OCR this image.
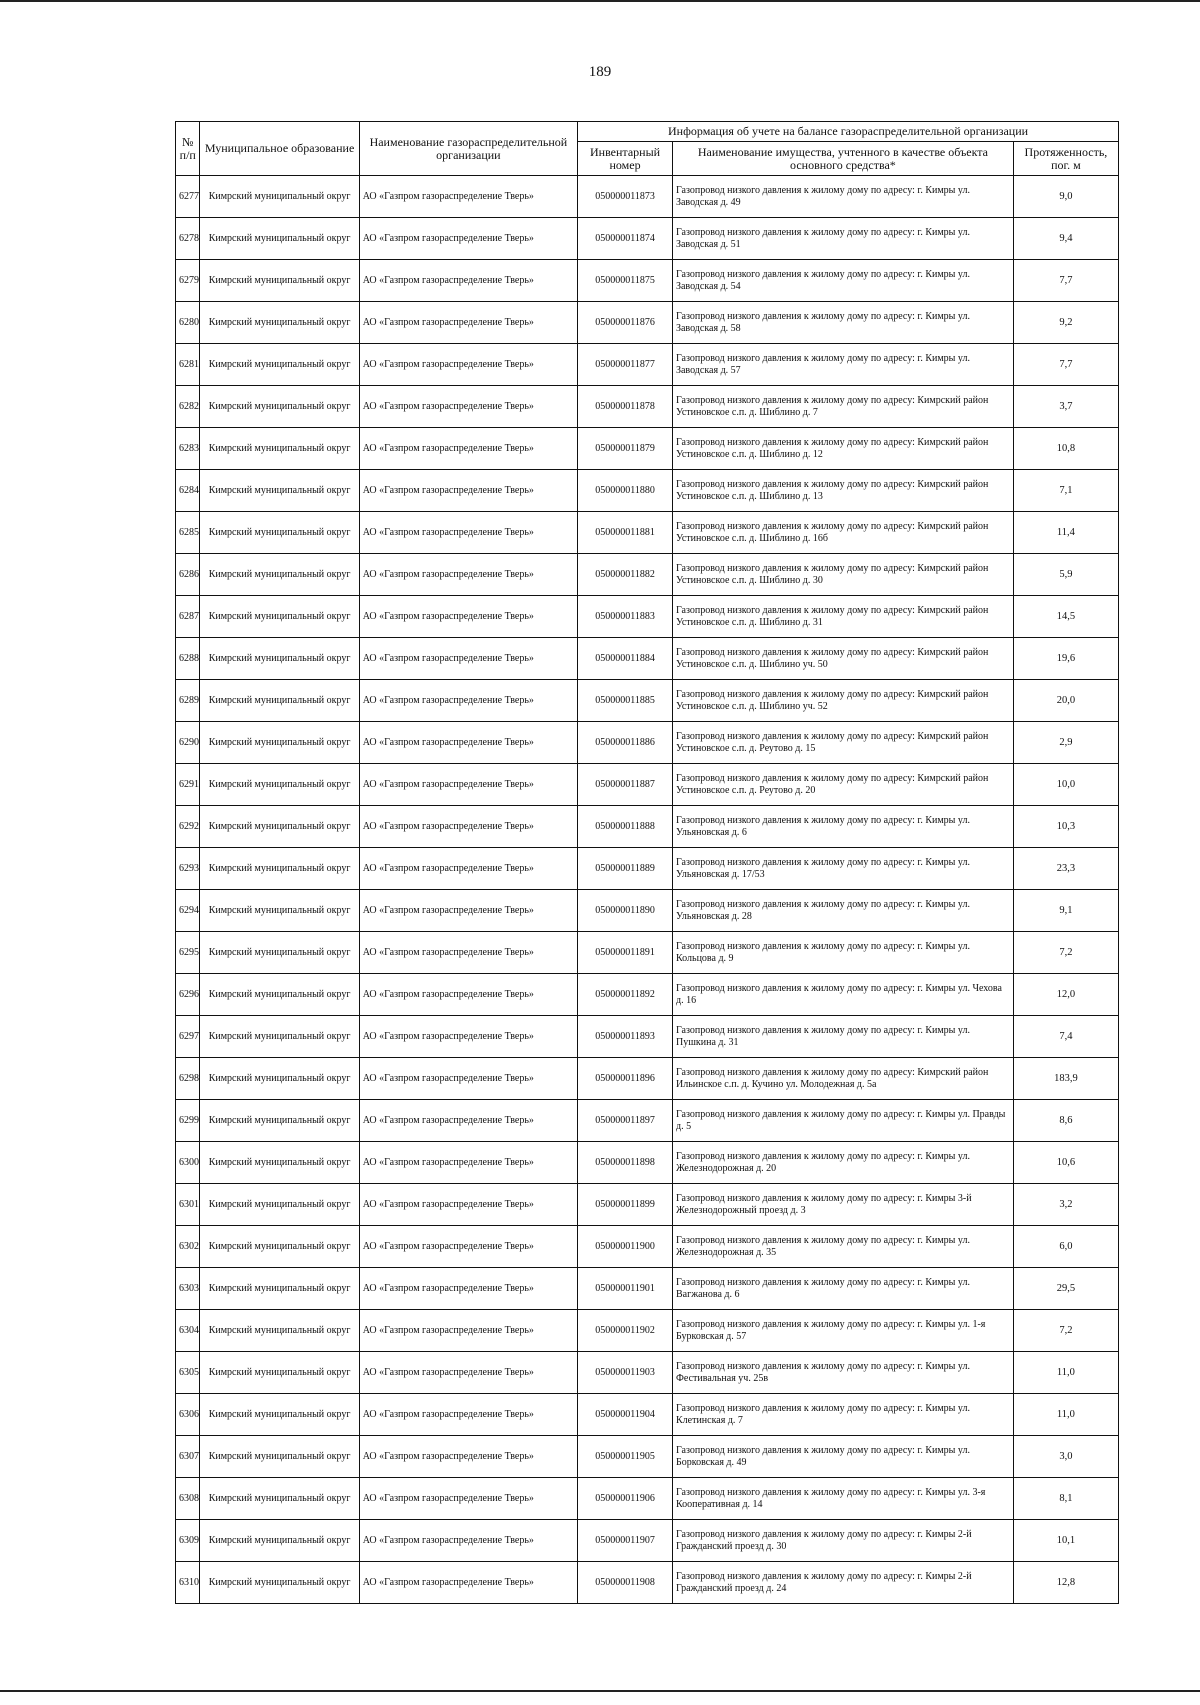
189
№ п/п	Муниципальное образование	Наименование газораспределительной организации	Информация об учете на балансе газораспределительной организации		
			Инвентарный номер	Наименование имущества, учтенного в качестве объекта основного средства*	Протяженность, пог. м
6277	Кимрский муниципальный округ	АО «Газпром газораспределение Тверь»	050000011873	Газопровод низкого давления к жилому дому по адресу: г. Кимры ул. Заводская д. 49	9,0
6278	Кимрский муниципальный округ	АО «Газпром газораспределение Тверь»	050000011874	Газопровод низкого давления к жилому дому по адресу: г. Кимры ул. Заводская д. 51	9,4
6279	Кимрский муниципальный округ	АО «Газпром газораспределение Тверь»	050000011875	Газопровод низкого давления к жилому дому по адресу: г. Кимры ул. Заводская д. 54	7,7
6280	Кимрский муниципальный округ	АО «Газпром газораспределение Тверь»	050000011876	Газопровод низкого давления к жилому дому по адресу: г. Кимры ул. Заводская д. 58	9,2
6281	Кимрский муниципальный округ	АО «Газпром газораспределение Тверь»	050000011877	Газопровод низкого давления к жилому дому по адресу: г. Кимры ул. Заводская д. 57	7,7
6282	Кимрский муниципальный округ	АО «Газпром газораспределение Тверь»	050000011878	Газопровод низкого давления к жилому дому по адресу: Кимрский район Устиновское с.п. д. Шиблино д. 7	3,7
6283	Кимрский муниципальный округ	АО «Газпром газораспределение Тверь»	050000011879	Газопровод низкого давления к жилому дому по адресу: Кимрский район Устиновское с.п. д. Шиблино д. 12	10,8
6284	Кимрский муниципальный округ	АО «Газпром газораспределение Тверь»	050000011880	Газопровод низкого давления к жилому дому по адресу: Кимрский район Устиновское с.п. д. Шиблино д. 13	7,1
6285	Кимрский муниципальный округ	АО «Газпром газораспределение Тверь»	050000011881	Газопровод низкого давления к жилому дому по адресу: Кимрский район Устиновское с.п. д. Шиблино д. 16б	11,4
6286	Кимрский муниципальный округ	АО «Газпром газораспределение Тверь»	050000011882	Газопровод низкого давления к жилому дому по адресу: Кимрский район Устиновское с.п. д. Шиблино д. 30	5,9
6287	Кимрский муниципальный округ	АО «Газпром газораспределение Тверь»	050000011883	Газопровод низкого давления к жилому дому по адресу: Кимрский район Устиновское с.п. д. Шиблино д. 31	14,5
6288	Кимрский муниципальный округ	АО «Газпром газораспределение Тверь»	050000011884	Газопровод низкого давления к жилому дому по адресу: Кимрский район Устиновское с.п. д. Шиблино уч. 50	19,6
6289	Кимрский муниципальный округ	АО «Газпром газораспределение Тверь»	050000011885	Газопровод низкого давления к жилому дому по адресу: Кимрский район Устиновское с.п. д. Шиблино уч. 52	20,0
6290	Кимрский муниципальный округ	АО «Газпром газораспределение Тверь»	050000011886	Газопровод низкого давления к жилому дому по адресу: Кимрский район Устиновское с.п. д. Реутово д. 15	2,9
6291	Кимрский муниципальный округ	АО «Газпром газораспределение Тверь»	050000011887	Газопровод низкого давления к жилому дому по адресу: Кимрский район Устиновское с.п. д. Реутово д. 20	10,0
6292	Кимрский муниципальный округ	АО «Газпром газораспределение Тверь»	050000011888	Газопровод низкого давления к жилому дому по адресу: г. Кимры ул. Ульяновская д. 6	10,3
6293	Кимрский муниципальный округ	АО «Газпром газораспределение Тверь»	050000011889	Газопровод низкого давления к жилому дому по адресу: г. Кимры ул. Ульяновская д. 17/53	23,3
6294	Кимрский муниципальный округ	АО «Газпром газораспределение Тверь»	050000011890	Газопровод низкого давления к жилому дому по адресу: г. Кимры ул. Ульяновская д. 28	9,1
6295	Кимрский муниципальный округ	АО «Газпром газораспределение Тверь»	050000011891	Газопровод низкого давления к жилому дому по адресу: г. Кимры ул. Кольцова д. 9	7,2
6296	Кимрский муниципальный округ	АО «Газпром газораспределение Тверь»	050000011892	Газопровод низкого давления к жилому дому по адресу: г. Кимры ул. Чехова д. 16	12,0
6297	Кимрский муниципальный округ	АО «Газпром газораспределение Тверь»	050000011893	Газопровод низкого давления к жилому дому по адресу: г. Кимры ул. Пушкина д. 31	7,4
6298	Кимрский муниципальный округ	АО «Газпром газораспределение Тверь»	050000011896	Газопровод низкого давления к жилому дому по адресу: Кимрский район Ильинское с.п. д. Кучино ул. Молодежная д. 5а	183,9
6299	Кимрский муниципальный округ	АО «Газпром газораспределение Тверь»	050000011897	Газопровод низкого давления к жилому дому по адресу: г. Кимры ул. Правды д. 5	8,6
6300	Кимрский муниципальный округ	АО «Газпром газораспределение Тверь»	050000011898	Газопровод низкого давления к жилому дому по адресу: г. Кимры ул. Железнодорожная д. 20	10,6
6301	Кимрский муниципальный округ	АО «Газпром газораспределение Тверь»	050000011899	Газопровод низкого давления к жилому дому по адресу: г. Кимры 3-й Железнодорожный проезд д. 3	3,2
6302	Кимрский муниципальный округ	АО «Газпром газораспределение Тверь»	050000011900	Газопровод низкого давления к жилому дому по адресу: г. Кимры ул. Железнодорожная д. 35	6,0
6303	Кимрский муниципальный округ	АО «Газпром газораспределение Тверь»	050000011901	Газопровод низкого давления к жилому дому по адресу: г. Кимры ул. Вагжанова д. 6	29,5
6304	Кимрский муниципальный округ	АО «Газпром газораспределение Тверь»	050000011902	Газопровод низкого давления к жилому дому по адресу: г. Кимры ул. 1-я Бурковская д. 57	7,2
6305	Кимрский муниципальный округ	АО «Газпром газораспределение Тверь»	050000011903	Газопровод низкого давления к жилому дому по адресу: г. Кимры ул. Фестивальная уч. 25в	11,0
6306	Кимрский муниципальный округ	АО «Газпром газораспределение Тверь»	050000011904	Газопровод низкого давления к жилому дому по адресу: г. Кимры ул. Клетинская д. 7	11,0
6307	Кимрский муниципальный округ	АО «Газпром газораспределение Тверь»	050000011905	Газопровод низкого давления к жилому дому по адресу: г. Кимры ул. Борковская д. 49	3,0
6308	Кимрский муниципальный округ	АО «Газпром газораспределение Тверь»	050000011906	Газопровод низкого давления к жилому дому по адресу: г. Кимры ул. 3-я Кооперативная д. 14	8,1
6309	Кимрский муниципальный округ	АО «Газпром газораспределение Тверь»	050000011907	Газопровод низкого давления к жилому дому по адресу: г. Кимры 2-й Гражданский проезд д. 30	10,1
6310	Кимрский муниципальный округ	АО «Газпром газораспределение Тверь»	050000011908	Газопровод низкого давления к жилому дому по адресу: г. Кимры 2-й Гражданский проезд д. 24	12,8
